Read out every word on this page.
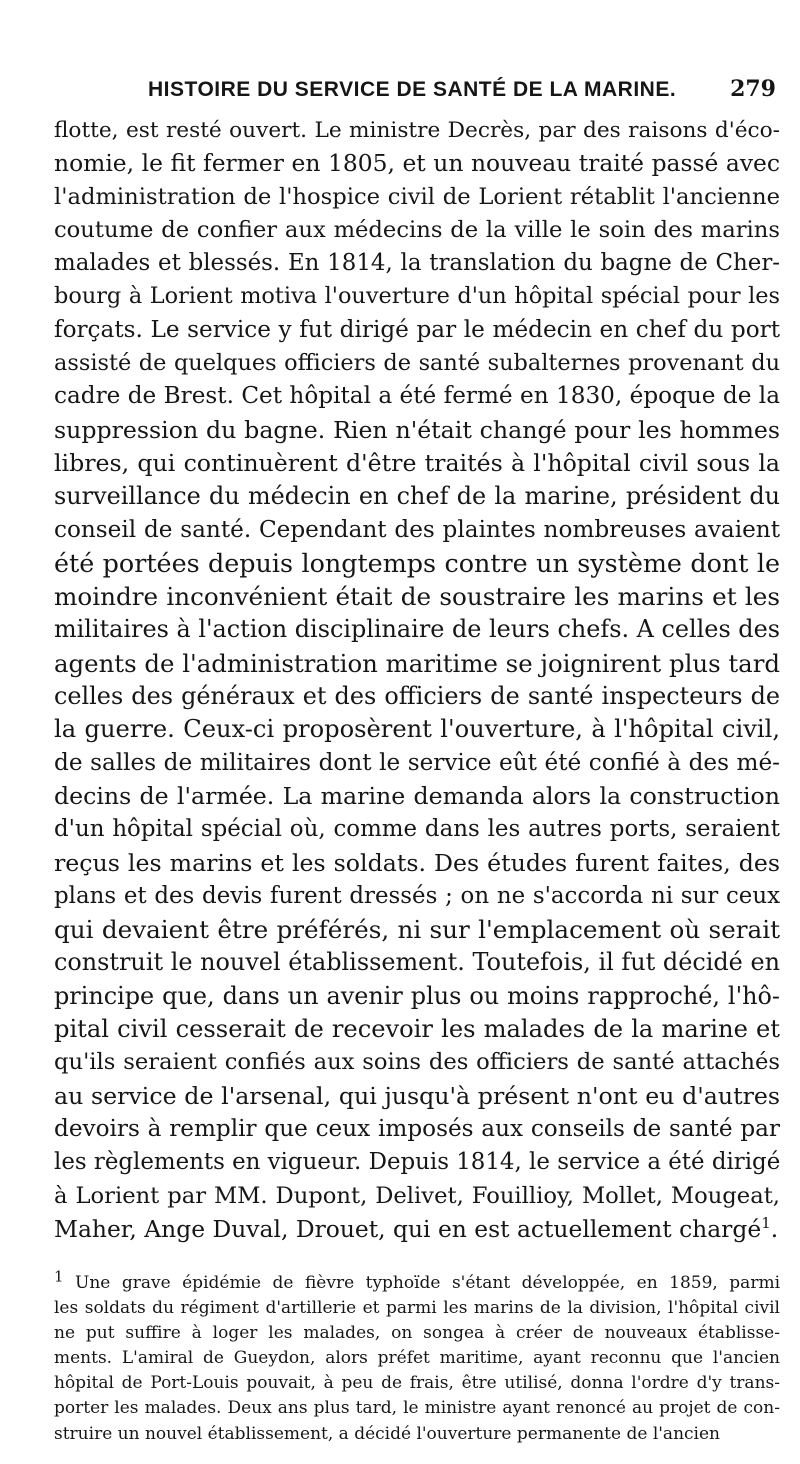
HISTOIRE DU SERVICE DE SANTÉ DE LA MARINE. 279
flotte, est resté ouvert. Le ministre Decrès, par des raisons d'éco-
nomie, le fit fermer en 1805, et un nouveau traité passé avec
l'administration de l'hospice civil de Lorient rétablit l'ancienne
coutume de confier aux médecins de la ville le soin des marins
malades et blessés. En 1814, la translation du bagne de Cher-
bourg à Lorient motiva l'ouverture d'un hôpital spécial pour les
forçats. Le service y fut dirigé par le médecin en chef du port
assisté de quelques officiers de santé subalternes provenant du
cadre de Brest. Cet hôpital a été fermé en 1830, époque de la
suppression du bagne. Rien n'était changé pour les hommes
libres, qui continuèrent d'être traités à l'hôpital civil sous la
surveillance du médecin en chef de la marine, président du
conseil de santé. Cependant des plaintes nombreuses avaient
été portées depuis longtemps contre un système dont le
moindre inconvénient était de soustraire les marins et les
militaires à l'action disciplinaire de leurs chefs. A celles des
agents de l'administration maritime se joignirent plus tard
celles des généraux et des officiers de santé inspecteurs de
la guerre. Ceux-ci proposèrent l'ouverture, à l'hôpital civil,
de salles de militaires dont le service eût été confié à des mé-
decins de l'armée. La marine demanda alors la construction
d'un hôpital spécial où, comme dans les autres ports, seraient
reçus les marins et les soldats. Des études furent faites, des
plans et des devis furent dressés ; on ne s'accorda ni sur ceux
qui devaient être préférés, ni sur l'emplacement où serait
construit le nouvel établissement. Toutefois, il fut décidé en
principe que, dans un avenir plus ou moins rapproché, l'hô-
pital civil cesserait de recevoir les malades de la marine et
qu'ils seraient confiés aux soins des officiers de santé attachés
au service de l'arsenal, qui jusqu'à présent n'ont eu d'autres
devoirs à remplir que ceux imposés aux conseils de santé par
les règlements en vigueur. Depuis 1814, le service a été dirigé
à Lorient par MM. Dupont, Delivet, Fouillioy, Mollet, Mougeat,
Maher, Ange Duval, Drouet, qui en est actuellement chargé$^1$.
1 Une grave épidémie de fièvre typhoïde s'étant développée, en 1859, parmi
les soldats du régiment d'artillerie et parmi les marins de la division, l'hôpital civil
ne put suffire à loger les malades, on songea à créer de nouveaux établisse-
ments. L'amiral de Gueydon, alors préfet maritime, ayant reconnu que l'ancien
hôpital de Port-Louis pouvait, à peu de frais, être utilisé, donna l'ordre d'y trans-
porter les malades. Deux ans plus tard, le ministre ayant renoncé au projet de con-
struire un nouvel établissement, a décidé l'ouverture permanente de l'ancien
